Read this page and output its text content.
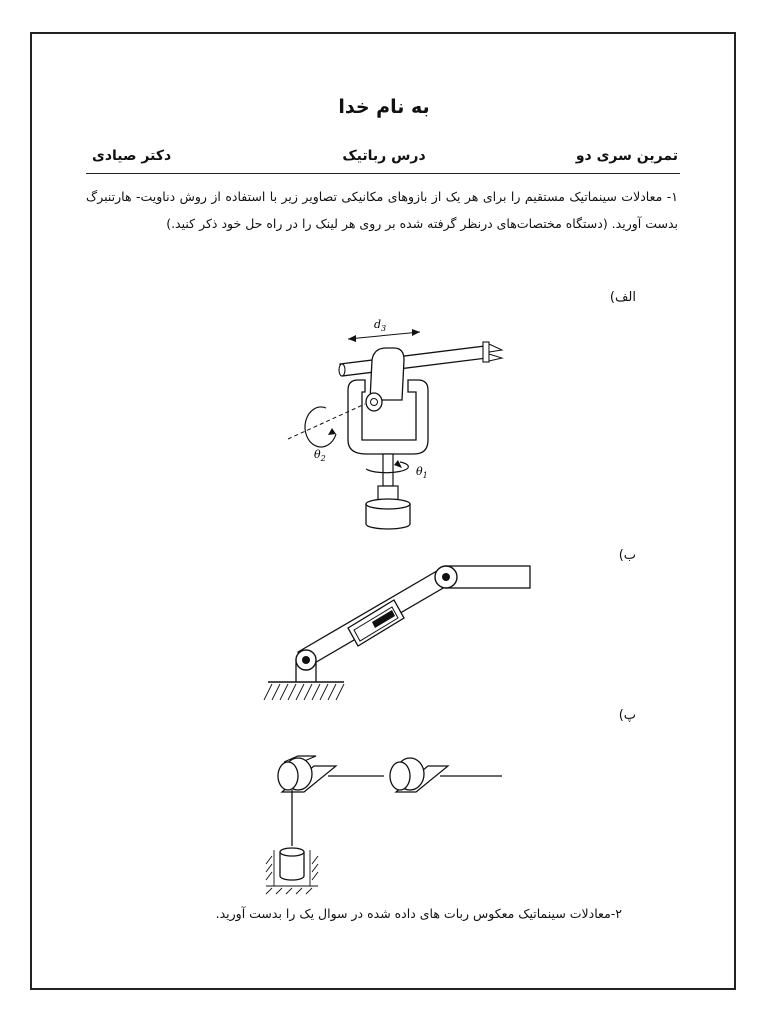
به نام خدا
تمرین سری دو
درس رباتیک
دکتر صیادی
۱- معادلات سینماتیک مستقیم را برای هر یک از بازوهای مکانیکی تصاویر زیر با استفاده از روش دناویت- هارتنبرگ بدست آورید. (دستگاه مختصات‌های درنظر گرفته شده بر روی هر لینک را در راه حل خود ذکر کنید.)
الف)
$d_3$
$\theta_2$
$\theta_1$
ب)
پ)
۲-معادلات سینماتیک معکوس ربات های داده شده در سوال یک را بدست آورید.
